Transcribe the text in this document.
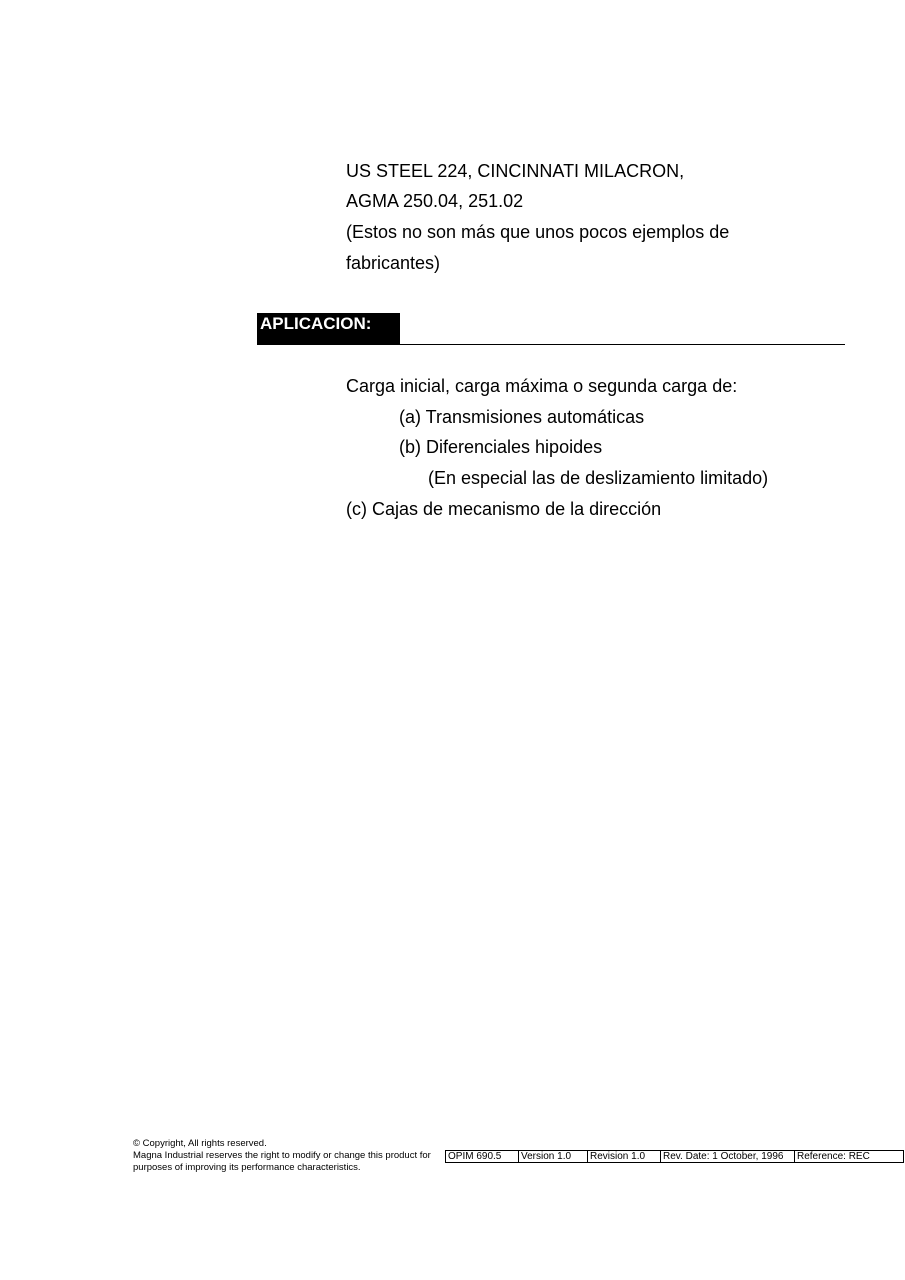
US STEEL 224, CINCINNATI MILACRON,
AGMA 250.04, 251.02
(Estos no son más que unos pocos ejemplos de
fabricantes)
APLICACION:
Carga inicial, carga máxima o segunda carga de:
(a) Transmisiones automáticas
(b) Diferenciales hipoides
(En especial las de deslizamiento limitado)
(c) Cajas de mecanismo de la dirección
© Copyright, All rights reserved.
Magna Industrial reserves the right to modify or change this product for
purposes of improving its performance characteristics.
OPIM 690.5	Version 1.0	Revision 1.0	Rev. Date: 1 October, 1996	Reference: REC
